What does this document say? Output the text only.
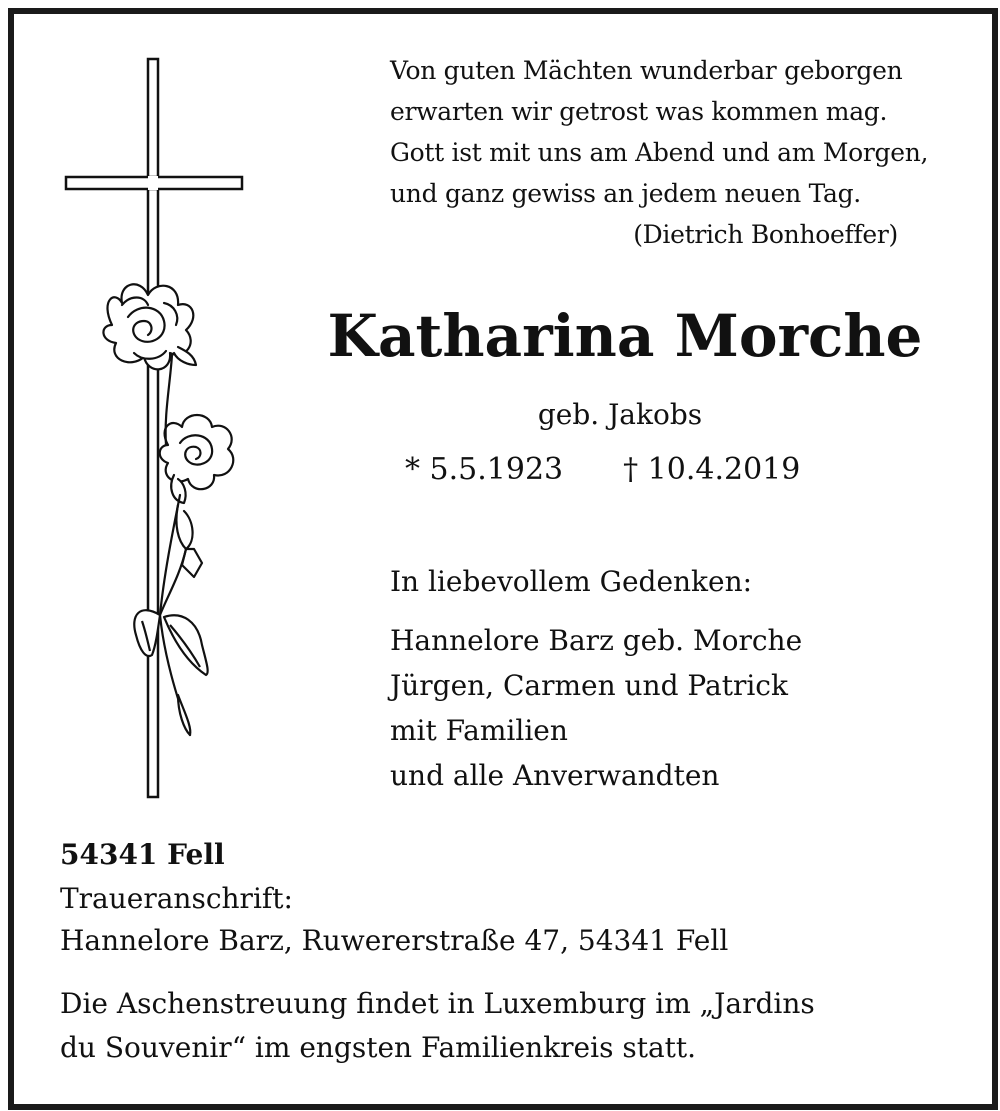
Von guten Mächten wunderbar geborgen
erwarten wir getrost was kommen mag.
Gott ist mit uns am Abend und am Morgen,
und ganz gewiss an jedem neuen Tag.
(Dietrich Bonhoeffer)
Katharina Morche
geb. Jakobs
* 5.5.1923 † 10.4.2019
In liebevollem Gedenken:
Hannelore Barz geb. Morche
Jürgen, Carmen und Patrick
mit Familien
und alle Anverwandten
54341 Fell
Traueranschrift:
Hannelore Barz, Ruwererstraße 47, 54341 Fell
Die Aschenstreuung findet in Luxemburg im „Jardins
du Souvenir“ im engsten Familienkreis statt.
